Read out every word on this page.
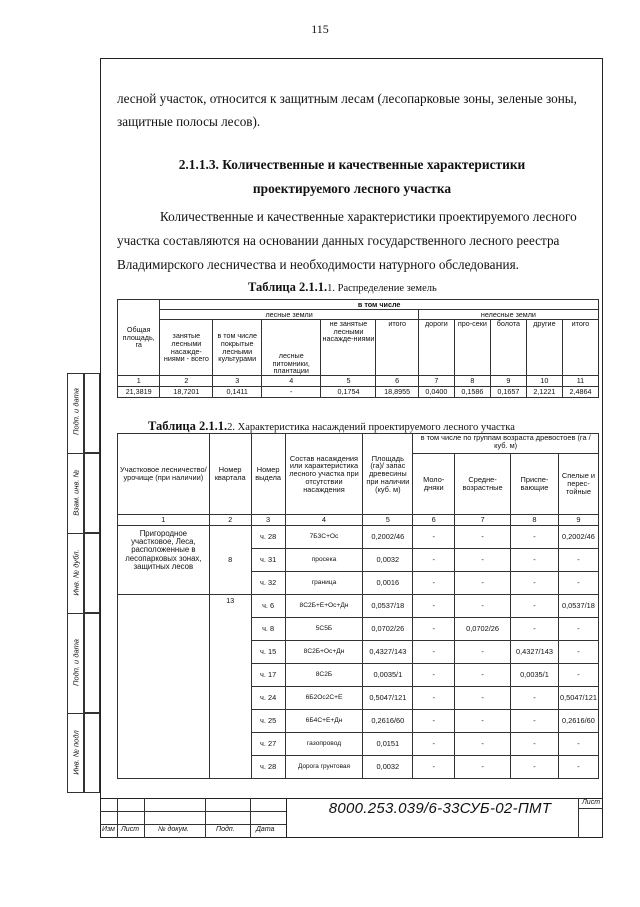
115
Подп. и дата
Взам. инв. №
Инв. № дубл.
Подп. и дата
Инв. № подл
лесной участок, относится к защитным лесам (лесопарковые зоны, зеленые зоны,
защитные полосы лесов).
2.1.1.3. Количественные и качественные характеристики
проектируемого лесного участка
Количественные и качественные характеристики проектируемого лесного
участка составляются на основании данных государственного лесного реестра
Владимирского лесничества и необходимости натурного обследования.
Таблица 2.1.1.1. Распределение земель
Общая площадь, га	в том числе									
	лесные земли					нелесные земли				
	занятые лесными насажде-ниями - всего	в том числе покрытые лесными культурами	лесные питомники, плантации	не занятые лесными насажде-ниями	итого	дороги	про-секи	болота	другие	итого
1	2	3	4	5	6	7	8	9	10	11
21,3819	18,7201	0,1411	-	0,1754	18,8955	0,0400	0,1586	0,1657	2,1221	2,4864
Таблица 2.1.1.2. Характеристика насаждений проектируемого лесного участка
Участковое лесничество/ урочище (при наличии)	Номер квартала	Номер выдела	Состав насаждения или характеристика лесного участка при отсутствии насаждения	Площадь (га)/ запас древесины при наличии (куб. м)	в том числе по группам возраста древостоев (га /куб. м)			
					Моло-дняки	Средне-возрастные	Приспе-вающие	Спелые и перес-тойные
1	2	3	4	5	6	7	8	9
Пригородное участковое, Леса, расположенные в лесопарковых зонах, защитных лесов	8	ч. 28	7Б3С+Ос	0,2002/46	-	-	-	0,2002/46
		ч. 31	просека	0,0032	-	-	-	-
		ч. 32	граница	0,0016	-	-	-	-
	13	ч. 6	8С2Б+Е+Ос+Дн	0,0537/18	-	-	-	0,0537/18
		ч. 8	5С5Б	0,0702/26	-	0,0702/26	-	-
		ч. 15	8С2Б+Ос+Дн	0,4327/143	-	-	0,4327/143	-
		ч. 17	8С2Б	0,0035/1	-	-	0,0035/1	-
		ч. 24	6Б2Ос2С+Е	0,5047/121	-	-	-	0,5047/121
		ч. 25	6Б4С+Е+Дн	0,2616/60	-	-	-	0,2616/60
		ч. 27	газопровод	0,0151	-	-	-	-
		ч. 28	Дорога грунтовая	0,0032	-	-	-	-
8000.253.039/6-33СУБ-02-ПМТ	Лист
Изм Лист	№ докум.	Подп.	Дата
